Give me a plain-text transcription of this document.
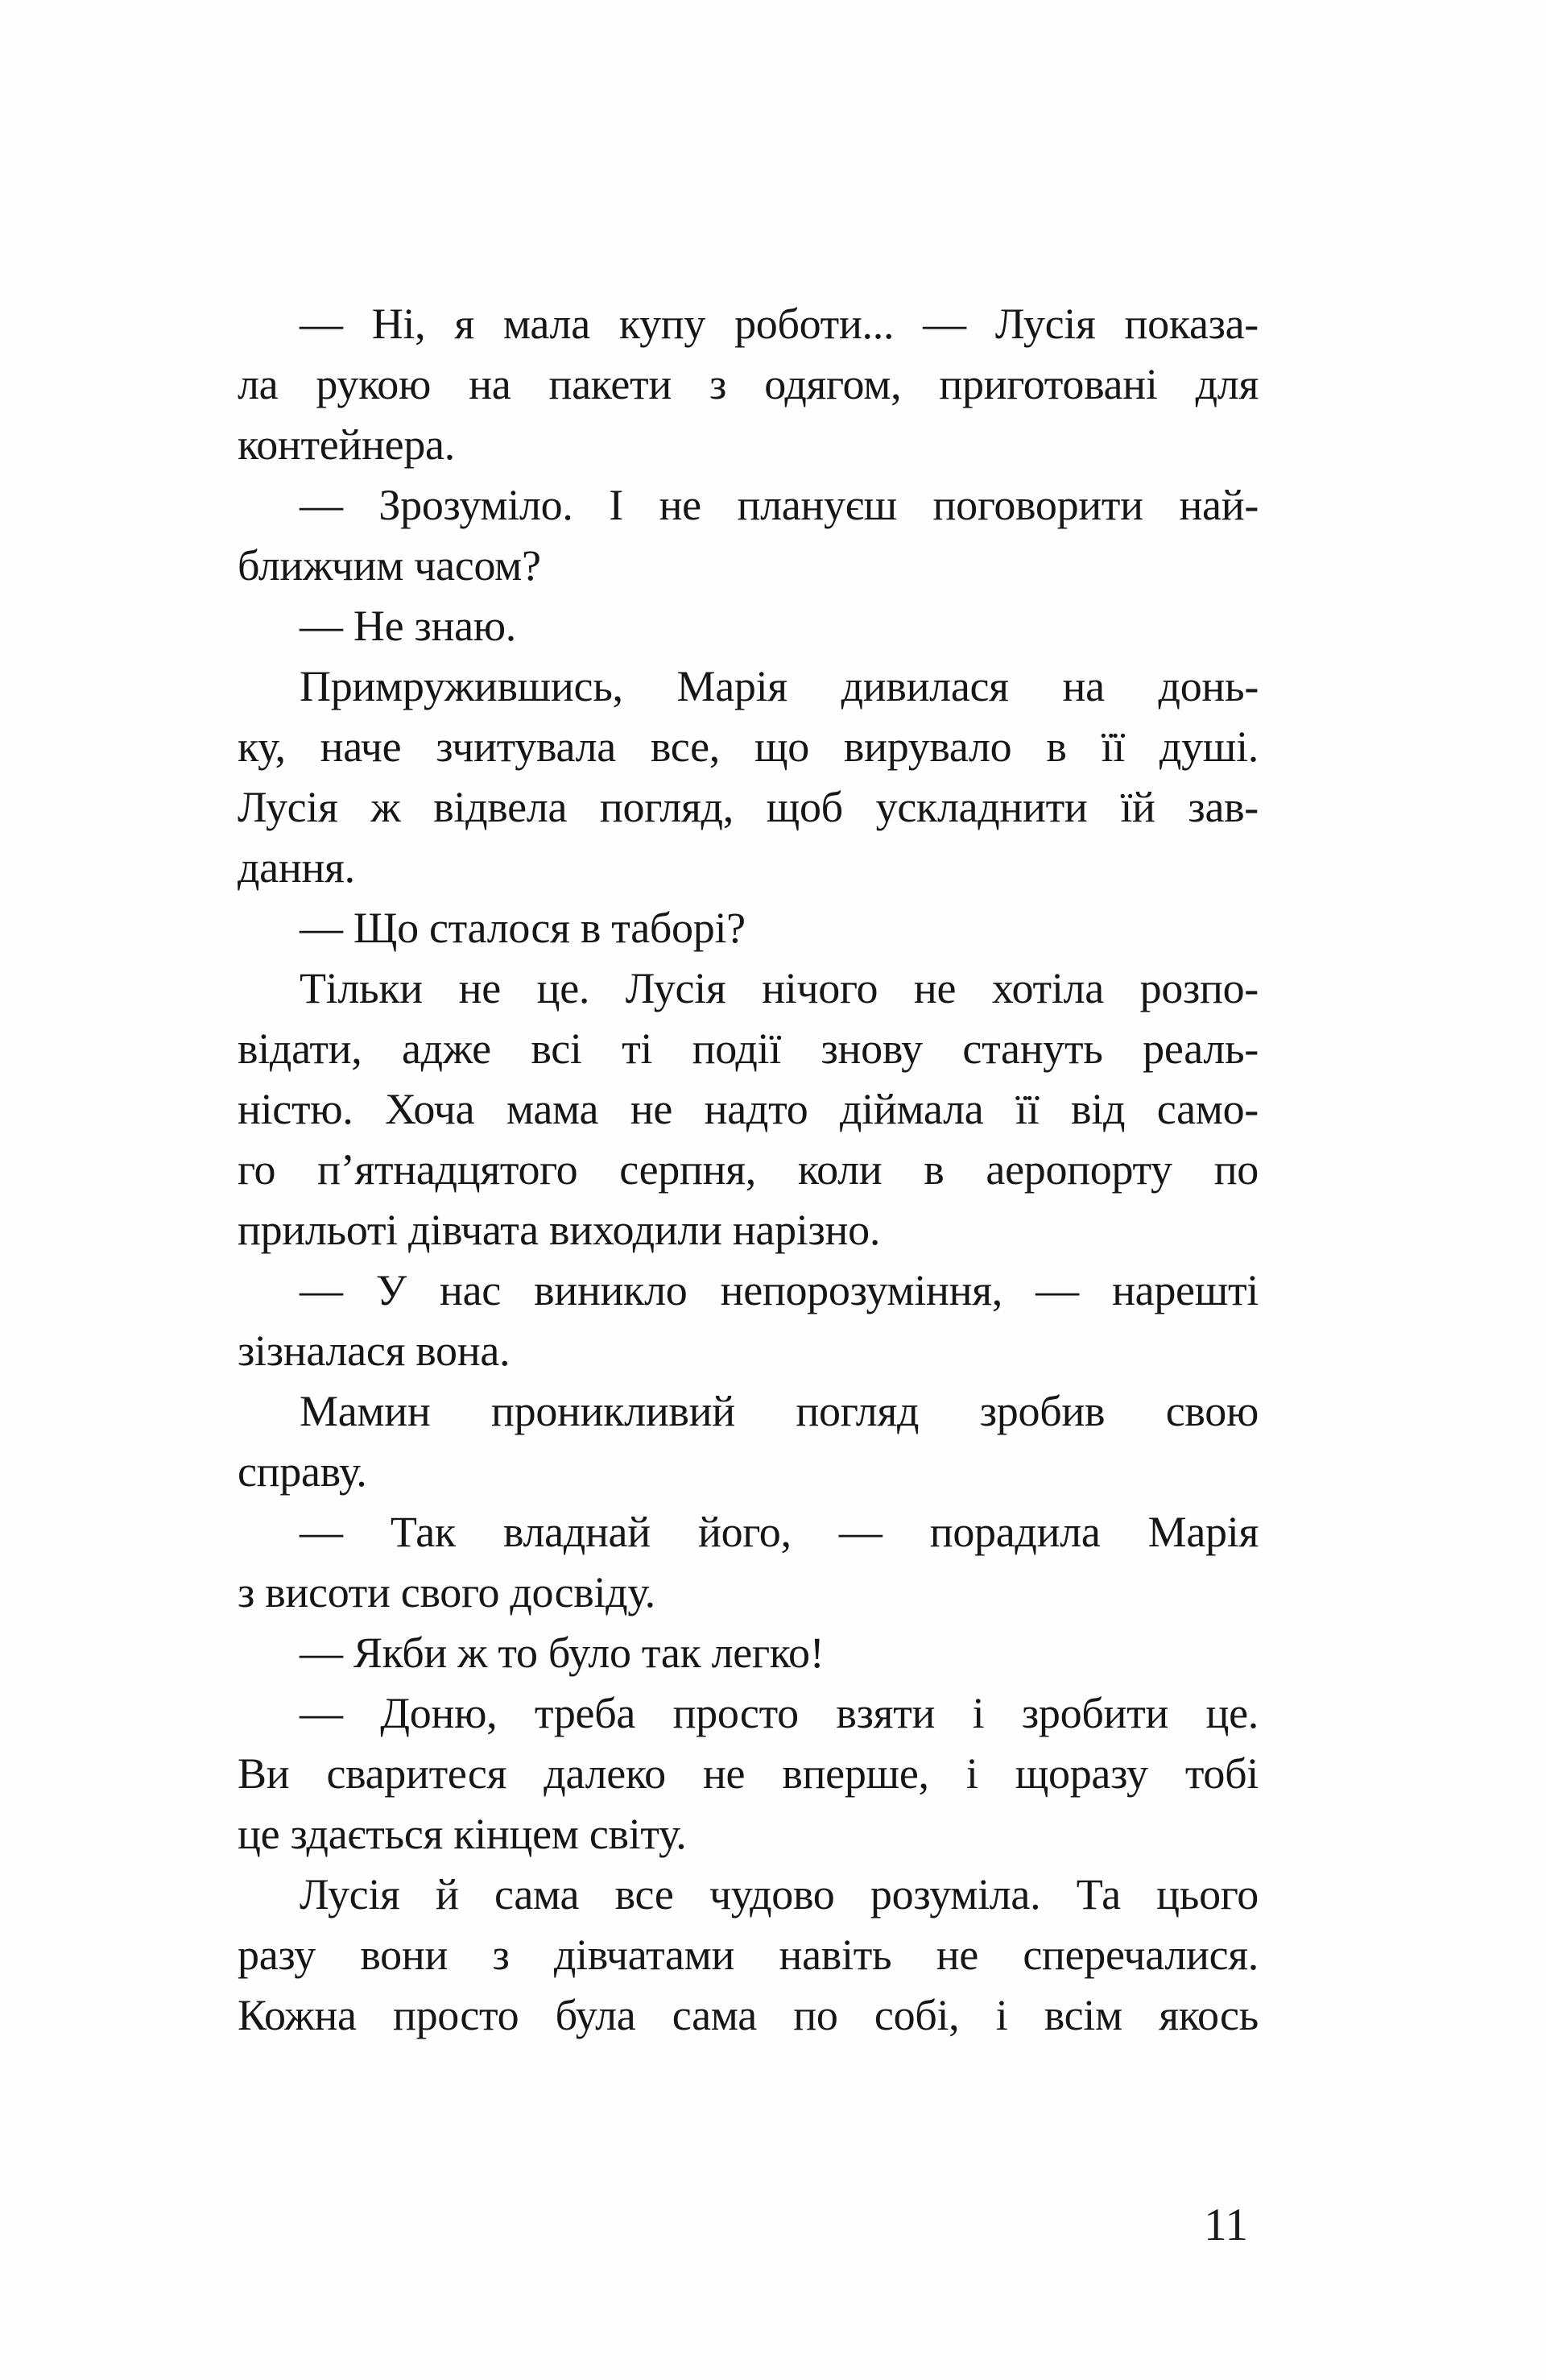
— Ні, я мала купу роботи... — Лусія показа-
ла рукою на пакети з одягом, приготовані для
контейнера.
— Зрозуміло. І не плануєш поговорити най-
ближчим часом?
— Не знаю.
Примружившись, Марія дивилася на донь-
ку, наче зчитувала все, що вирувало в її душі.
Лусія ж відвела погляд, щоб ускладнити їй зав-
дання.
— Що сталося в таборі?
Тільки не це. Лусія нічого не хотіла розпо-
відати, адже всі ті події знову стануть реаль-
ністю. Хоча мама не надто діймала її від само-
го п’ятнадцятого серпня, коли в аеропорту по
прильоті дівчата виходили нарізно.
— У нас виникло непорозуміння, — нарешті
зізналася вона.
Мамин проникливий погляд зробив свою
справу.
— Так владнай його, — порадила Марія
з висоти свого досвіду.
— Якби ж то було так легко!
— Доню, треба просто взяти і зробити це.
Ви сваритеся далеко не вперше, і щоразу тобі
це здається кінцем світу.
Лусія й сама все чудово розуміла. Та цього
разу вони з дівчатами навіть не сперечалися.
Кожна просто була сама по собі, і всім якось
11
